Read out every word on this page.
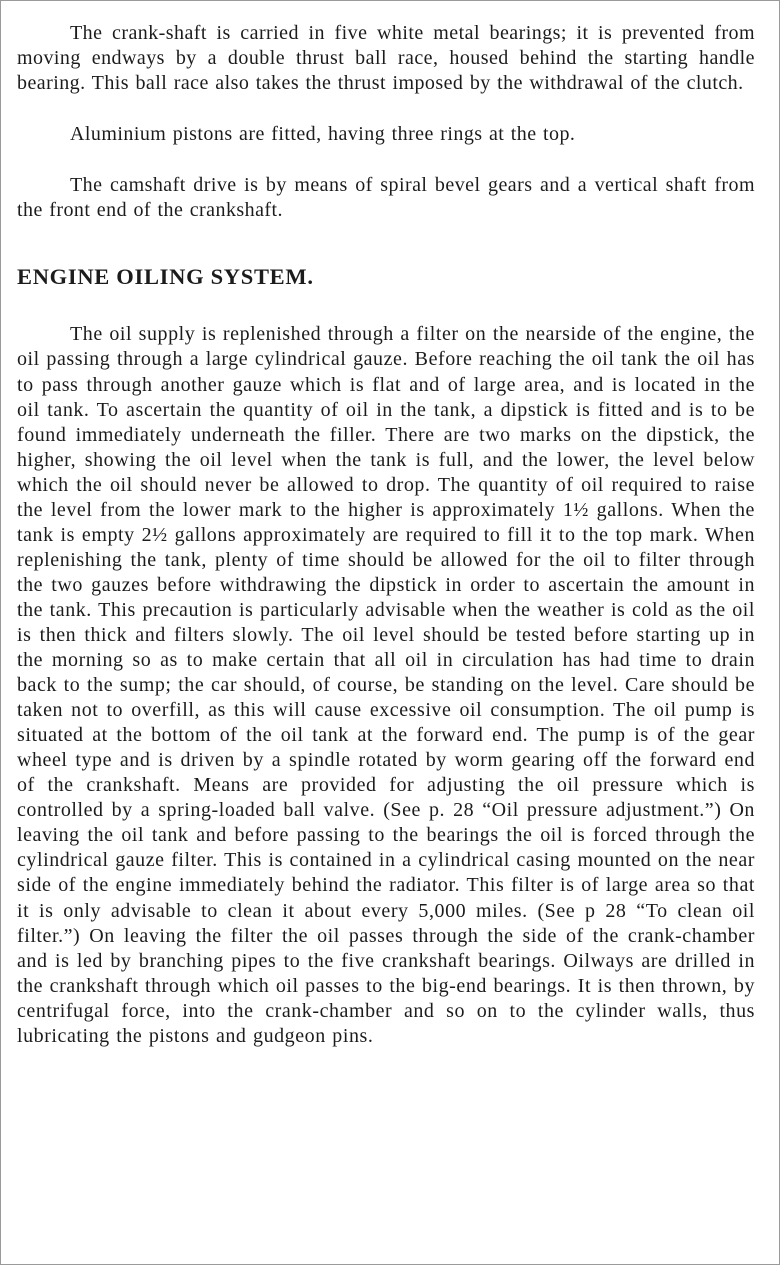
The crank-shaft is carried in five white metal bearings; it is prevented from moving endways by a double thrust ball race, housed behind the starting handle bearing. This ball race also takes the thrust imposed by the withdrawal of the clutch.

Aluminium pistons are fitted, having three rings at the top.

The camshaft drive is by means of spiral bevel gears and a vertical shaft from the front end of the crankshaft.

ENGINE OILING SYSTEM.

The oil supply is replenished through a filter on the nearside of the engine, the oil passing through a large cylindrical gauze. Before reaching the oil tank the oil has to pass through another gauze which is flat and of large area, and is located in the oil tank. To ascertain the quantity of oil in the tank, a dipstick is fitted and is to be found immediately underneath the filler. There are two marks on the dipstick, the higher, showing the oil level when the tank is full, and the lower, the level below which the oil should never be allowed to drop. The quantity of oil required to raise the level from the lower mark to the higher is approximately 1½ gallons. When the tank is empty 2½ gallons approximately are required to fill it to the top mark. When replenishing the tank, plenty of time should be allowed for the oil to filter through the two gauzes before withdrawing the dipstick in order to ascertain the amount in the tank. This precaution is particularly advisable when the weather is cold as the oil is then thick and filters slowly. The oil level should be tested before starting up in the morning so as to make certain that all oil in circulation has had time to drain back to the sump; the car should, of course, be standing on the level. Care should be taken not to overfill, as this will cause excessive oil consumption. The oil pump is situated at the bottom of the oil tank at the forward end. The pump is of the gear wheel type and is driven by a spindle rotated by worm gearing off the forward end of the crankshaft. Means are provided for adjusting the oil pressure which is controlled by a spring-loaded ball valve. (See p. 28 “Oil pressure adjustment.”) On leaving the oil tank and before passing to the bearings the oil is forced through the cylindrical gauze filter. This is contained in a cylindrical casing mounted on the near side of the engine immediately behind the radiator. This filter is of large area so that it is only advisable to clean it about every 5,000 miles. (See p 28 “To clean oil filter.”) On leaving the filter the oil passes through the side of the crank-chamber and is led by branching pipes to the five crankshaft bearings. Oilways are drilled in the crankshaft through which oil passes to the big-end bearings. It is then thrown, by centrifugal force, into the crank-chamber and so on to the cylinder walls, thus lubricating the pistons and gudgeon pins.
